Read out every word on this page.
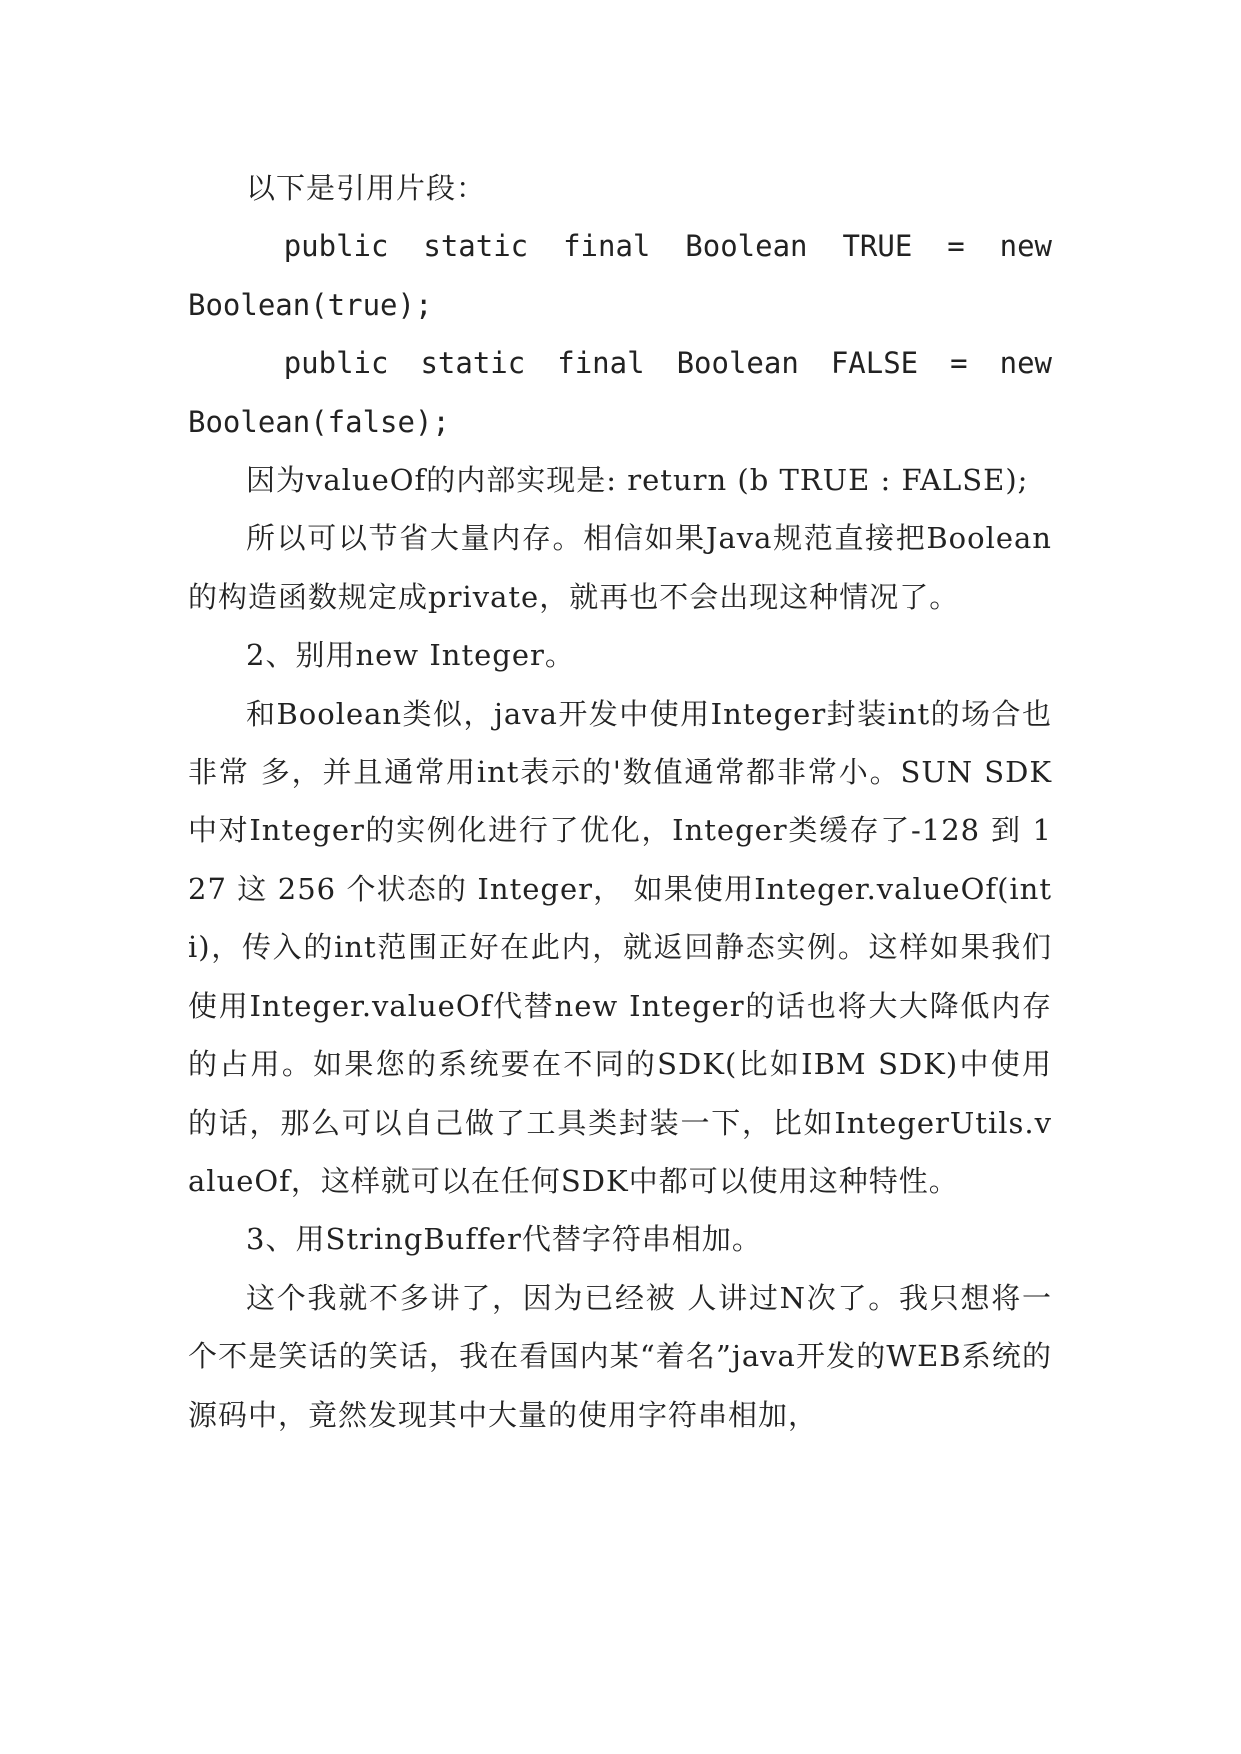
以下是引用片段：

public static final Boolean TRUE = new Boolean(true);

public static final Boolean FALSE = new Boolean(false);

因为valueOf的内部实现是: return (b TRUE : FALSE);

所以可以节省大量内存。相信如果Java规范直接把Boolean的构造函数规定成private，就再也不会出现这种情况了。

2、别用new Integer。

和Boolean类似，java开发中使用Integer封装int的场合也非常 多，并且通常用int表示的'数值通常都非常小。SUN SDK中对Integer的实例化进行了优化，Integer类缓存了-128 到 127 这 256 个状态的 Integer， 如果使用Integer.valueOf(int i)，传入的int范围正好在此内，就返回静态实例。这样如果我们使用Integer.valueOf代替new Integer的话也将大大降低内存的占用。如果您的系统要在不同的SDK(比如IBM SDK)中使用的话，那么可以自己做了工具类封装一下，比如IntegerUtils.valueOf，这样就可以在任何SDK中都可以使用这种特性。

3、用StringBuffer代替字符串相加。

这个我就不多讲了，因为已经被 人讲过N次了。我只想将一个不是笑话的笑话，我在看国内某“着名”java开发的WEB系统的源码中，竟然发现其中大量的使用字符串相加，
